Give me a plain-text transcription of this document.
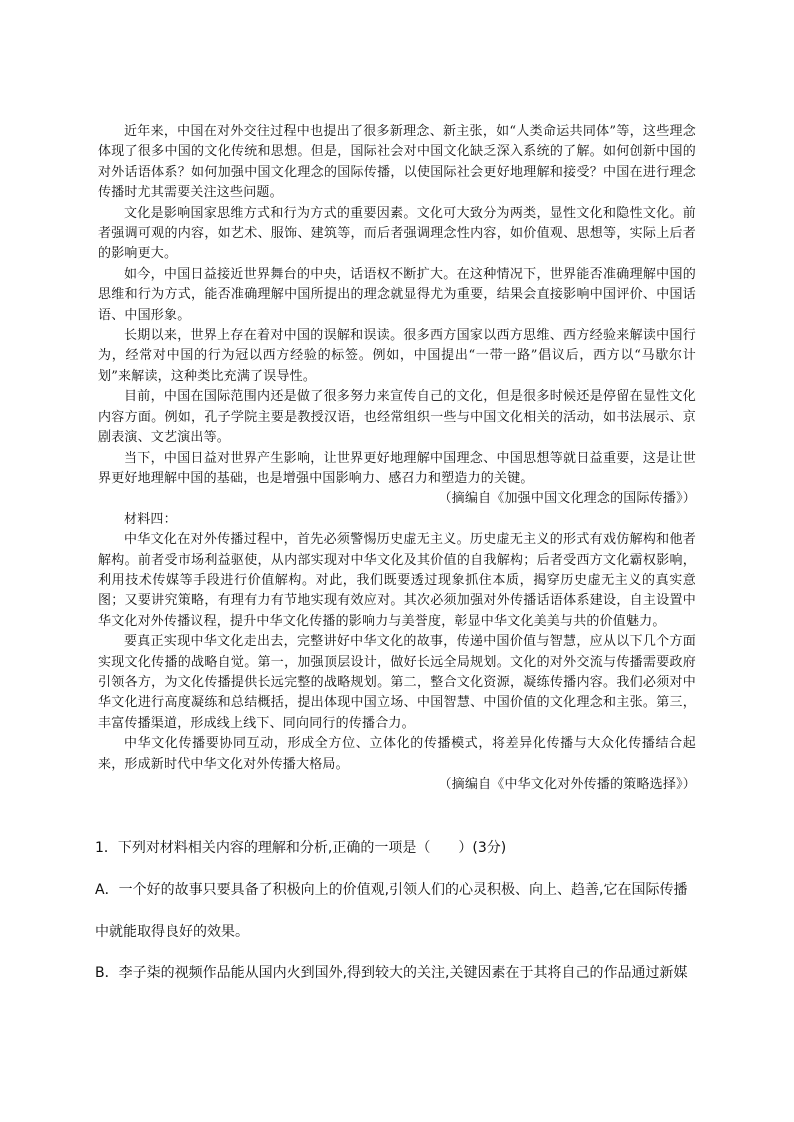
近年来，中国在对外交往过程中也提出了很多新理念、新主张，如“人类命运共同体”等，这些理念体现了很多中国的文化传统和思想。但是，国际社会对中国文化缺乏深入系统的了解。如何创新中国的对外话语体系？如何加强中国文化理念的国际传播，以使国际社会更好地理解和接受？中国在进行理念传播时尤其需要关注这些问题。

文化是影响国家思维方式和行为方式的重要因素。文化可大致分为两类，显性文化和隐性文化。前者强调可观的内容，如艺术、服饰、建筑等，而后者强调理念性内容，如价值观、思想等，实际上后者的影响更大。

如今，中国日益接近世界舞台的中央，话语权不断扩大。在这种情况下，世界能否准确理解中国的思维和行为方式，能否准确理解中国所提出的理念就显得尤为重要，结果会直接影响中国评价、中国话语、中国形象。

长期以来，世界上存在着对中国的误解和误读。很多西方国家以西方思维、西方经验来解读中国行为，经常对中国的行为冠以西方经验的标签。例如，中国提出“一带一路”倡议后，西方以“马歇尔计划”来解读，这种类比充满了误导性。

目前，中国在国际范围内还是做了很多努力来宣传自己的文化，但是很多时候还是停留在显性文化内容方面。例如，孔子学院主要是教授汉语，也经常组织一些与中国文化相关的活动，如书法展示、京剧表演、文艺演出等。

当下，中国日益对世界产生影响，让世界更好地理解中国理念、中国思想等就日益重要，这是让世界更好地理解中国的基础，也是增强中国影响力、感召力和塑造力的关键。

（摘编自《加强中国文化理念的国际传播》）

材料四：

中华文化在对外传播过程中，首先必须警惕历史虚无主义。历史虚无主义的形式有戏仿解构和他者解构。前者受市场利益驱使，从内部实现对中华文化及其价值的自我解构；后者受西方文化霸权影响，利用技术传媒等手段进行价值解构。对此，我们既要透过现象抓住本质，揭穿历史虚无主义的真实意图；又要讲究策略，有理有力有节地实现有效应对。其次必须加强对外传播话语体系建设，自主设置中华文化对外传播议程，提升中华文化传播的影响力与美誉度，彰显中华文化美美与共的价值魅力。

要真正实现中华文化走出去，完整讲好中华文化的故事，传递中国价值与智慧，应从以下几个方面实现文化传播的战略自觉。第一，加强顶层设计，做好长远全局规划。文化的对外交流与传播需要政府引领各方，为文化传播提供长远完整的战略规划。第二，整合文化资源，凝练传播内容。我们必须对中华文化进行高度凝练和总结概括，提出体现中国立场、中国智慧、中国价值的文化理念和主张。第三，丰富传播渠道，形成线上线下、同向同行的传播合力。

中华文化传播要协同互动，形成全方位、立体化的传播模式，将差异化传播与大众化传播结合起来，形成新时代中华文化对外传播大格局。

（摘编自《中华文化对外传播的策略选择》）

1．下列对材料相关内容的理解和分析,正确的一项是（　　）(3分)

A．一个好的故事只要具备了积极向上的价值观,引领人们的心灵积极、向上、趋善,它在国际传播

中就能取得良好的效果。

B．李子柒的视频作品能从国内火到国外,得到较大的关注,关键因素在于其将自己的作品通过新媒
